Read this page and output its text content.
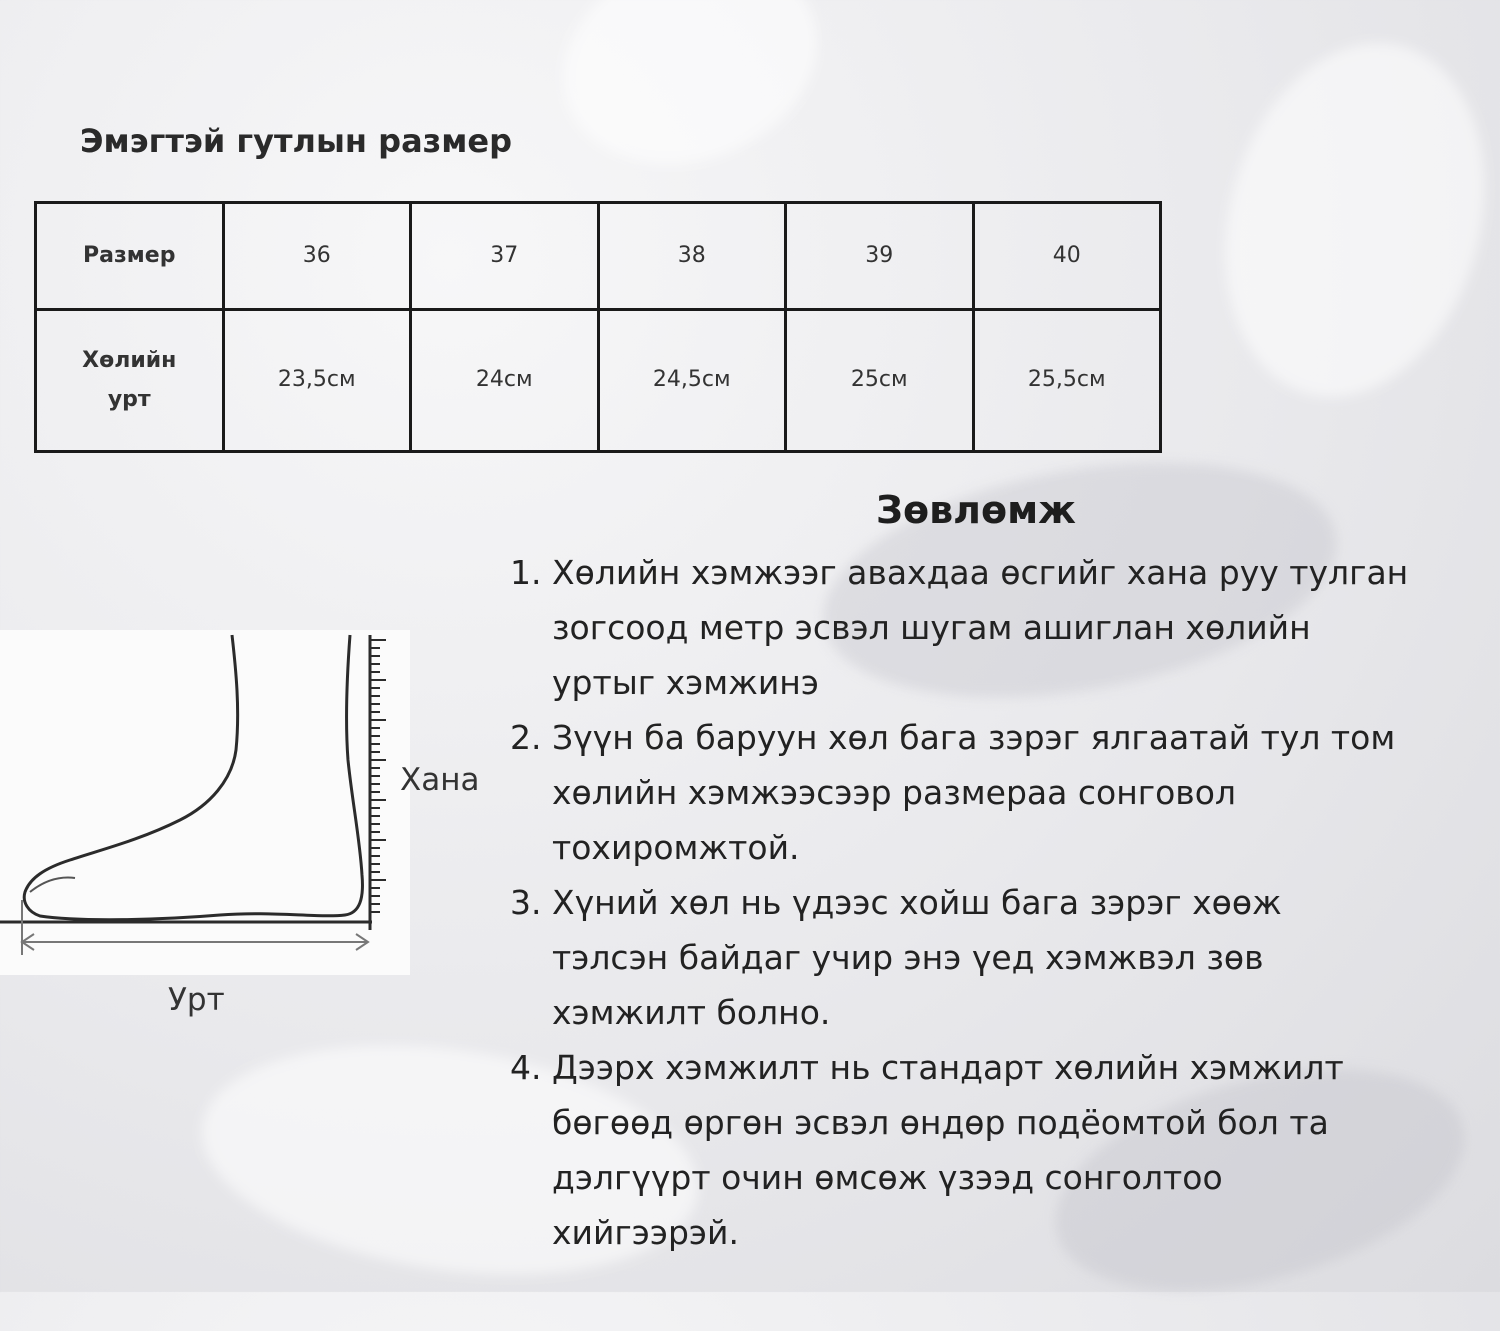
Эмэгтэй гутлын размер
Размер	36	37	38	39	40
Хөлийн
урт	23,5см	24см	24,5см	25см	25,5см
Хана
Урт
Зөвлөмж
1. Хөлийн хэмжээг авахдаа өсгийг хана руу тулган
зогсоод метр эсвэл шугам ашиглан хөлийн
уртыг хэмжинэ
2. Зүүн ба баруун хөл бага зэрэг ялгаатай тул том
хөлийн хэмжээсээр размераа сонговол
тохиромжтой.
3. Хүний хөл нь үдээс хойш бага зэрэг хөөж
тэлсэн байдаг учир энэ үед хэмжвэл зөв
хэмжилт болно.
4. Дээрх хэмжилт нь стандарт хөлийн хэмжилт
бөгөөд өргөн эсвэл өндөр подёомтой бол та
дэлгүүрт очин өмсөж үзээд сонголтоо
хийгээрэй.
